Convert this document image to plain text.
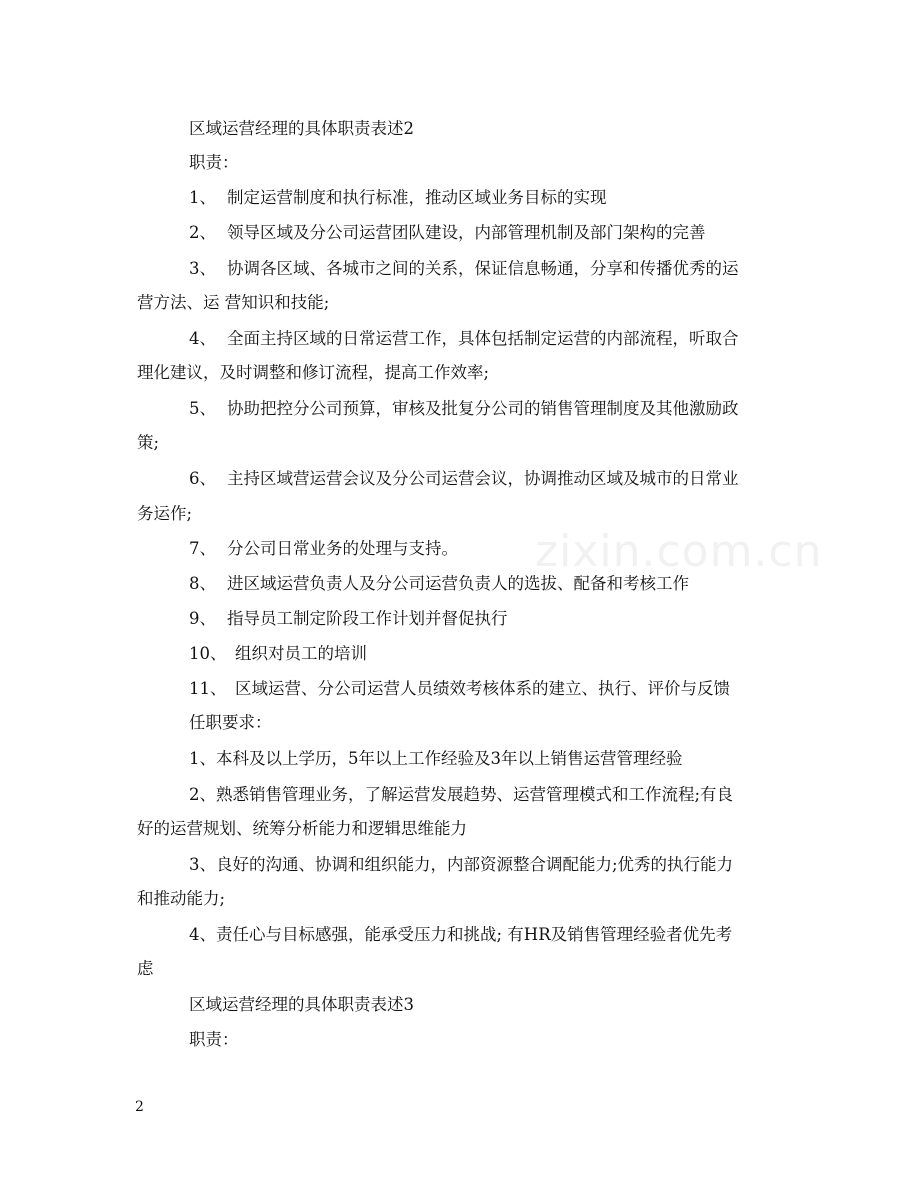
zixin.com.cn

区域运营经理的具体职责表述2

职责：

1、 制定运营制度和执行标准，推动区域业务目标的实现

2、 领导区域及分公司运营团队建设，内部管理机制及部门架构的完善

3、 协调各区域、各城市之间的关系，保证信息畅通，分享和传播优秀的运

营方法、运 营知识和技能;

4、 全面主持区域的日常运营工作，具体包括制定运营的内部流程，听取合

理化建议，及时调整和修订流程，提高工作效率;

5、 协助把控分公司预算，审核及批复分公司的销售管理制度及其他激励政

策;

6、 主持区域营运营会议及分公司运营会议，协调推动区域及城市的日常业

务运作;

7、 分公司日常业务的处理与支持。

8、 进区域运营负责人及分公司运营负责人的选拔、配备和考核工作

9、 指导员工制定阶段工作计划并督促执行

10、 组织对员工的培训

11、 区域运营、分公司运营人员绩效考核体系的建立、执行、评价与反馈

任职要求：

1、本科及以上学历，5年以上工作经验及3年以上销售运营管理经验

2、熟悉销售管理业务，了解运营发展趋势、运营管理模式和工作流程;有良

好的运营规划、统筹分析能力和逻辑思维能力

3、良好的沟通、协调和组织能力，内部资源整合调配能力;优秀的执行能力

和推动能力;

4、责任心与目标感强，能承受压力和挑战; 有HR及销售管理经验者优先考

虑

区域运营经理的具体职责表述3

职责：

2
